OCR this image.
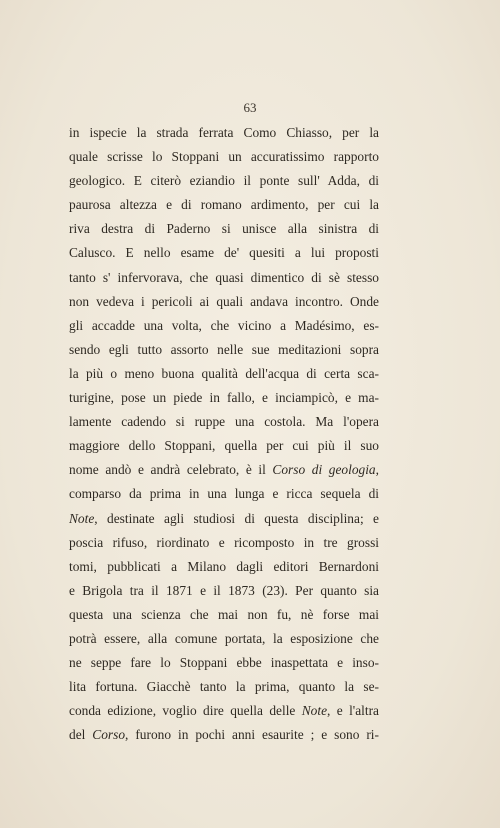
63
in ispecie la strada ferrata Como Chiasso, per la
quale scrisse lo Stoppani un accuratissimo rapporto
geologico. E citerò eziandio il ponte sull' Adda, di
paurosa altezza e di romano ardimento, per cui la
riva destra di Paderno si unisce alla sinistra di
Calusco. E nello esame de' quesiti a lui proposti
tanto s' infervorava, che quasi dimentico di sè stesso
non vedeva i pericoli ai quali andava incontro. Onde
gli accadde una volta, che vicino a Madésimo, es-
sendo egli tutto assorto nelle sue meditazioni sopra
la più o meno buona qualità dell'acqua di certa sca-
turigine, pose un piede in fallo, e inciampicò, e ma-
lamente cadendo si ruppe una costola. Ma l'opera
maggiore dello Stoppani, quella per cui più il suo
nome andò e andrà celebrato, è il Corso di geologia,
comparso da prima in una lunga e ricca sequela di
Note, destinate agli studiosi di questa disciplina; e
poscia rifuso, riordinato e ricomposto in tre grossi
tomi, pubblicati a Milano dagli editori Bernardoni
e Brigola tra il 1871 e il 1873 (23). Per quanto sia
questa una scienza che mai non fu, nè forse mai
potrà essere, alla comune portata, la esposizione che
ne seppe fare lo Stoppani ebbe inaspettata e inso-
lita fortuna. Giacchè tanto la prima, quanto la se-
conda edizione, voglio dire quella delle Note, e l'altra
del Corso, furono in pochi anni esaurite ; e sono ri-
